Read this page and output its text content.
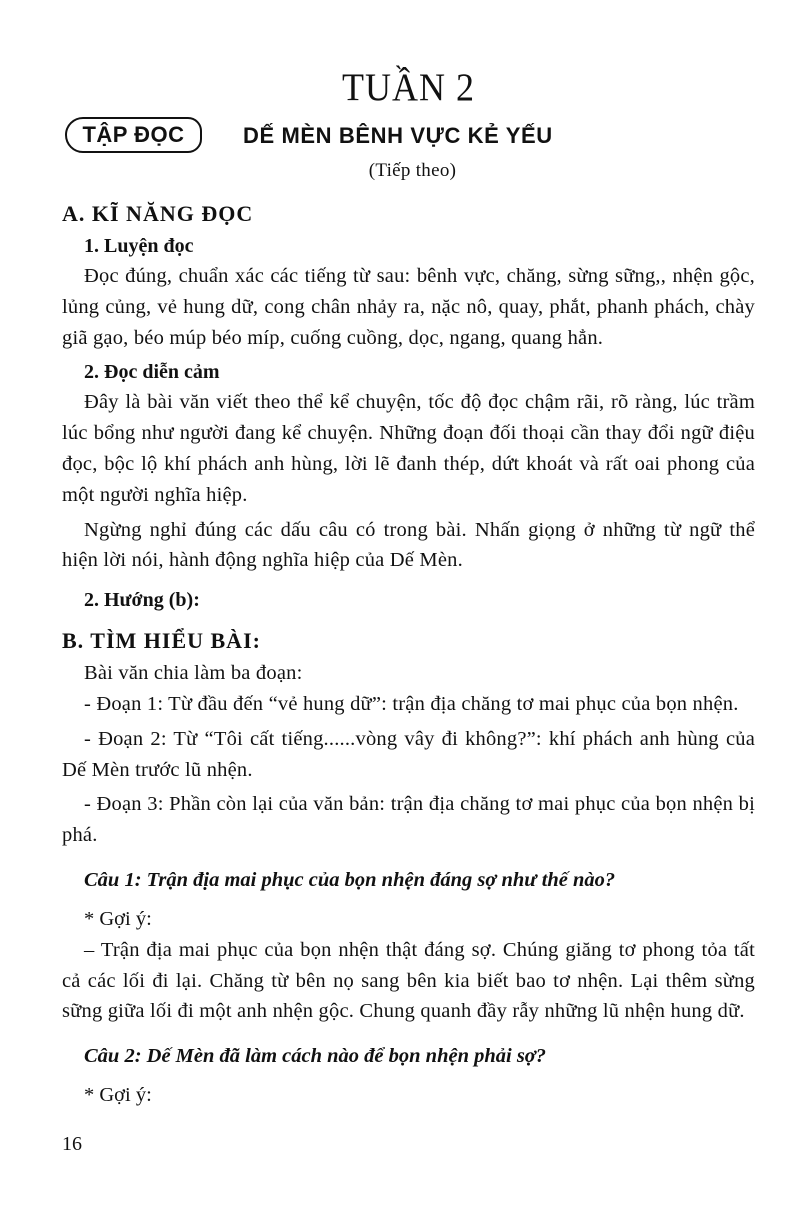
TUẦN 2
TẬP ĐỌC	DẾ MÈN BÊNH VỰC KẺ YẾU
(Tiếp theo)
A. KĨ NĂNG ĐỌC
1. Luyện đọc

Đọc đúng, chuẩn xác các tiếng từ sau: bênh vực, chăng, sừng sững,, nhện gộc, lủng củng, vẻ hung dữ, cong chân nhảy ra, nặc nô, quay, phắt, phanh phách, chày giã gạo, béo múp béo míp, cuống cuồng, dọc, ngang, quang hẳn.

2. Đọc diễn cảm

Đây là bài văn viết theo thể kể chuyện, tốc độ đọc chậm rãi, rõ ràng, lúc trầm lúc bổng như người đang kể chuyện. Những đoạn đối thoại cần thay đổi ngữ điệu đọc, bộc lộ khí phách anh hùng, lời lẽ đanh thép, dứt khoát và rất oai phong của một người nghĩa hiệp.

Ngừng nghỉ đúng các dấu câu có trong bài. Nhấn giọng ở những từ ngữ thể hiện lời nói, hành động nghĩa hiệp của Dế Mèn.

2. Hướng (b):
B. TÌM HIỂU BÀI:

Bài văn chia làm ba đoạn:

- Đoạn 1: Từ đầu đến “vẻ hung dữ”: trận địa chăng tơ mai phục của bọn nhện.

- Đoạn 2: Từ “Tôi cất tiếng......vòng vây đi không?”: khí phách anh hùng của Dế Mèn trước lũ nhện.

- Đoạn 3: Phần còn lại của văn bản: trận địa chăng tơ mai phục của bọn nhện bị phá.

Câu 1: Trận địa mai phục của bọn nhện đáng sợ như thế nào?

* Gợi ý:

– Trận địa mai phục của bọn nhện thật đáng sợ. Chúng giăng tơ phong tỏa tất cả các lối đi lại. Chăng từ bên nọ sang bên kia biết bao tơ nhện. Lại thêm sừng sững giữa lối đi một anh nhện gộc. Chung quanh đầy rẫy những lũ nhện hung dữ.

Câu 2: Dế Mèn đã làm cách nào để bọn nhện phải sợ?

* Gợi ý:

16
